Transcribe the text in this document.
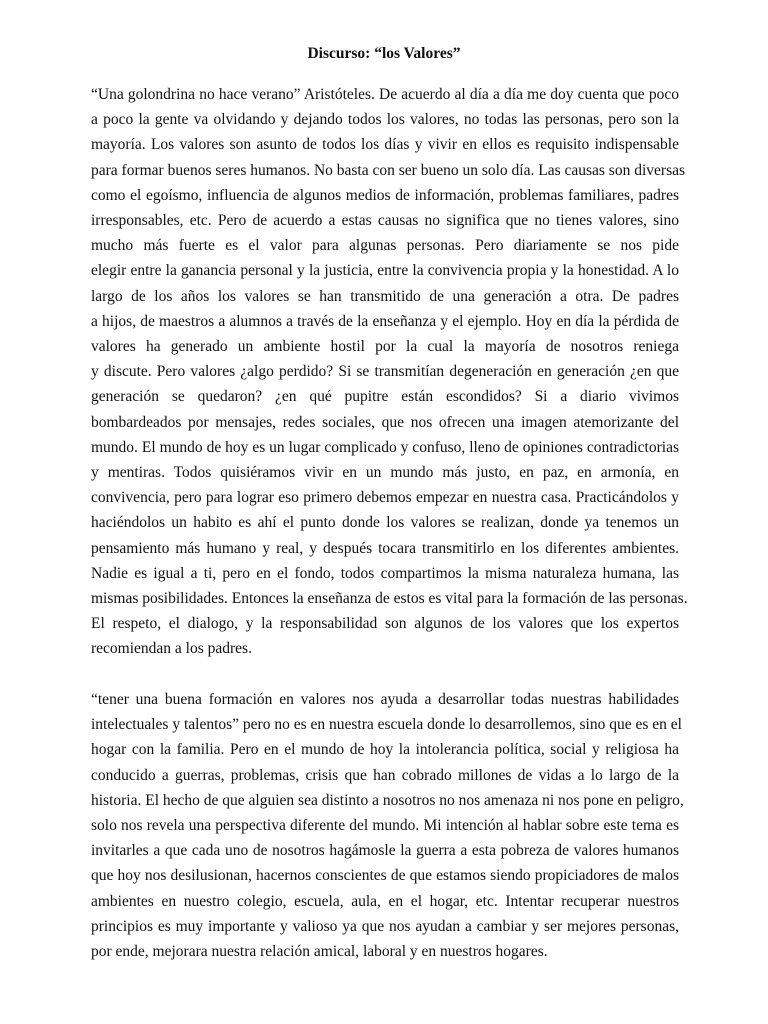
Discurso: “los Valores”
“Una golondrina no hace verano” Aristóteles. De acuerdo al día a día me doy cuenta que poco
a poco la gente va olvidando y dejando todos los valores, no todas las personas, pero son la
mayoría. Los valores son asunto de todos los días y vivir en ellos es requisito indispensable
para formar buenos seres humanos. No basta con ser bueno un solo día. Las causas son diversas
como el egoísmo, influencia de algunos medios de información, problemas familiares, padres
irresponsables, etc. Pero de acuerdo a estas causas no significa que no tienes valores, sino
mucho más fuerte es el valor para algunas personas. Pero diariamente se nos pide
elegir entre la ganancia personal y la justicia, entre la convivencia propia y la honestidad. A lo
largo de los años los valores se han transmitido de una generación a otra. De padres
a hijos, de maestros a alumnos a través de la enseñanza y el ejemplo. Hoy en día la pérdida de
valores ha generado un ambiente hostil por la cual la mayoría de nosotros reniega
y discute. Pero valores ¿algo perdido? Si se transmitían degeneración en generación ¿en que
generación se quedaron? ¿en qué pupitre están escondidos? Si a diario vivimos
bombardeados por mensajes, redes sociales, que nos ofrecen una imagen atemorizante del
mundo. El mundo de hoy es un lugar complicado y confuso, lleno de opiniones contradictorias
y mentiras. Todos quisiéramos vivir en un mundo más justo, en paz, en armonía, en
convivencia, pero para lograr eso primero debemos empezar en nuestra casa. Practicándolos y
haciéndolos un habito es ahí el punto donde los valores se realizan, donde ya tenemos un
pensamiento más humano y real, y después tocara transmitirlo en los diferentes ambientes.
Nadie es igual a ti, pero en el fondo, todos compartimos la misma naturaleza humana, las
mismas posibilidades. Entonces la enseñanza de estos es vital para la formación de las personas.
El respeto, el dialogo, y la responsabilidad son algunos de los valores que los expertos
recomiendan a los padres.
“tener una buena formación en valores nos ayuda a desarrollar todas nuestras habilidades
intelectuales y talentos” pero no es en nuestra escuela donde lo desarrollemos, sino que es en el
hogar con la familia. Pero en el mundo de hoy la intolerancia política, social y religiosa ha
conducido a guerras, problemas, crisis que han cobrado millones de vidas a lo largo de la
historia. El hecho de que alguien sea distinto a nosotros no nos amenaza ni nos pone en peligro,
solo nos revela una perspectiva diferente del mundo. Mi intención al hablar sobre este tema es
invitarles a que cada uno de nosotros hagámosle la guerra a esta pobreza de valores humanos
que hoy nos desilusionan, hacernos conscientes de que estamos siendo propiciadores de malos
ambientes en nuestro colegio, escuela, aula, en el hogar, etc. Intentar recuperar nuestros
principios es muy importante y valioso ya que nos ayudan a cambiar y ser mejores personas,
por ende, mejorara nuestra relación amical, laboral y en nuestros hogares.
